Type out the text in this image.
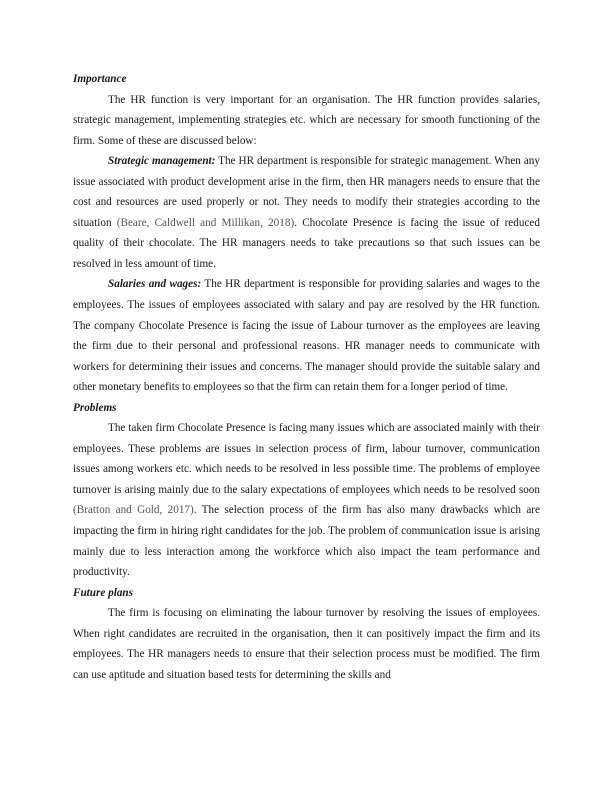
Importance

The HR function is very important for an organisation. The HR function provides salaries, strategic management, implementing strategies etc. which are necessary for smooth functioning of the firm. Some of these are discussed below:

Strategic management: The HR department is responsible for strategic management. When any issue associated with product development arise in the firm, then HR managers needs to ensure that the cost and resources are used properly or not. They needs to modify their strategies according to the situation (Beare, Caldwell and Millikan, 2018). Chocolate Presence is facing the issue of reduced quality of their chocolate. The HR managers needs to take precautions so that such issues can be resolved in less amount of time.

Salaries and wages: The HR department is responsible for providing salaries and wages to the employees. The issues of employees associated with salary and pay are resolved by the HR function. The company Chocolate Presence is facing the issue of Labour turnover as the employees are leaving the firm due to their personal and professional reasons. HR manager needs to communicate with workers for determining their issues and concerns. The manager should provide the suitable salary and other monetary benefits to employees so that the firm can retain them for a longer period of time.

Problems

The taken firm Chocolate Presence is facing many issues which are associated mainly with their employees. These problems are issues in selection process of firm, labour turnover, communication issues among workers etc. which needs to be resolved in less possible time. The problems of employee turnover is arising mainly due to the salary expectations of employees which needs to be resolved soon (Bratton and Gold, 2017). The selection process of the firm has also many drawbacks which are impacting the firm in hiring right candidates for the job. The problem of communication issue is arising mainly due to less interaction among the workforce which also impact the team performance and productivity.

Future plans

The firm is focusing on eliminating the labour turnover by resolving the issues of employees. When right candidates are recruited in the organisation, then it can positively impact the firm and its employees. The HR managers needs to ensure that their selection process must be modified. The firm can use aptitude and situation based tests for determining the skills and
